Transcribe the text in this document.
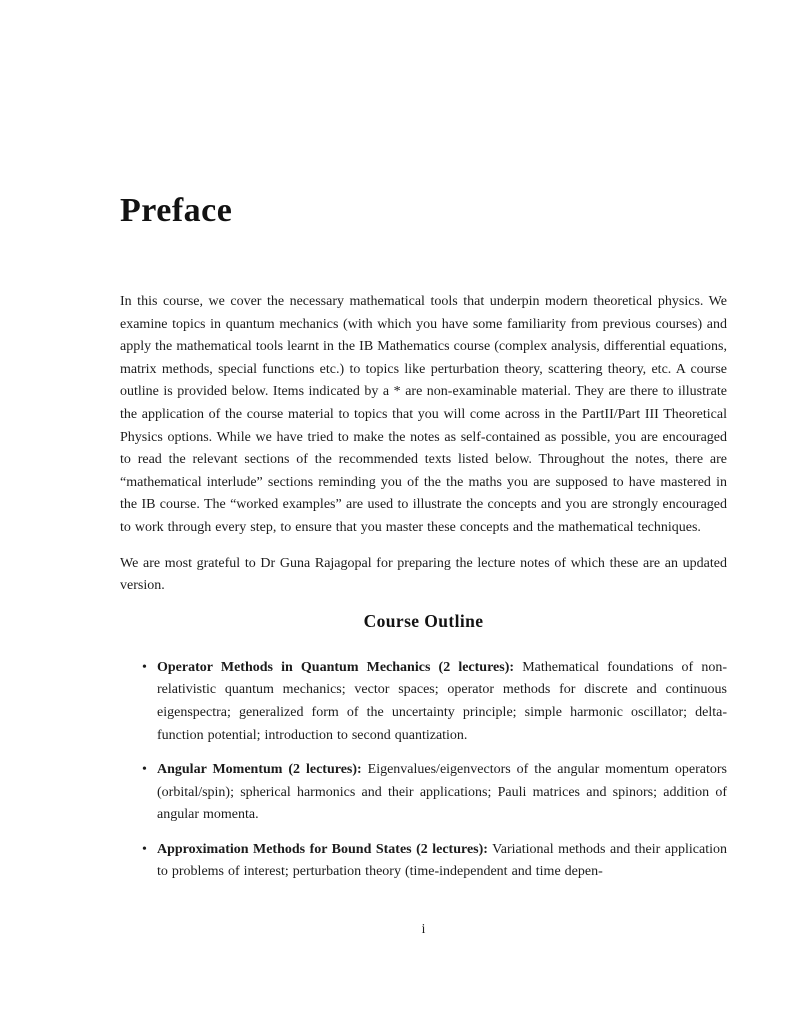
Preface

In this course, we cover the necessary mathematical tools that underpin modern theoretical physics. We examine topics in quantum mechanics (with which you have some familiarity from previous courses) and apply the mathematical tools learnt in the IB Mathematics course (complex analysis, differential equations, matrix methods, special functions etc.) to topics like perturbation theory, scattering theory, etc. A course outline is provided below. Items indicated by a * are non-examinable material. They are there to illustrate the application of the course material to topics that you will come across in the PartII/Part III Theoretical Physics options. While we have tried to make the notes as self-contained as possible, you are encouraged to read the relevant sections of the recommended texts listed below. Throughout the notes, there are “mathematical interlude” sections reminding you of the the maths you are supposed to have mastered in the IB course. The “worked examples” are used to illustrate the concepts and you are strongly encouraged to work through every step, to ensure that you master these concepts and the mathematical techniques.

We are most grateful to Dr Guna Rajagopal for preparing the lecture notes of which these are an updated version.

Course Outline
• Operator Methods in Quantum Mechanics (2 lectures): Mathematical foundations of non-relativistic quantum mechanics; vector spaces; operator methods for discrete and continuous eigenspectra; generalized form of the uncertainty principle; simple harmonic oscillator; delta-function potential; introduction to second quantization.
• Angular Momentum (2 lectures): Eigenvalues/eigenvectors of the angular momentum operators (orbital/spin); spherical harmonics and their applications; Pauli matrices and spinors; addition of angular momenta.
• Approximation Methods for Bound States (2 lectures): Variational methods and their application to problems of interest; perturbation theory (time-independent and time depen-
i
